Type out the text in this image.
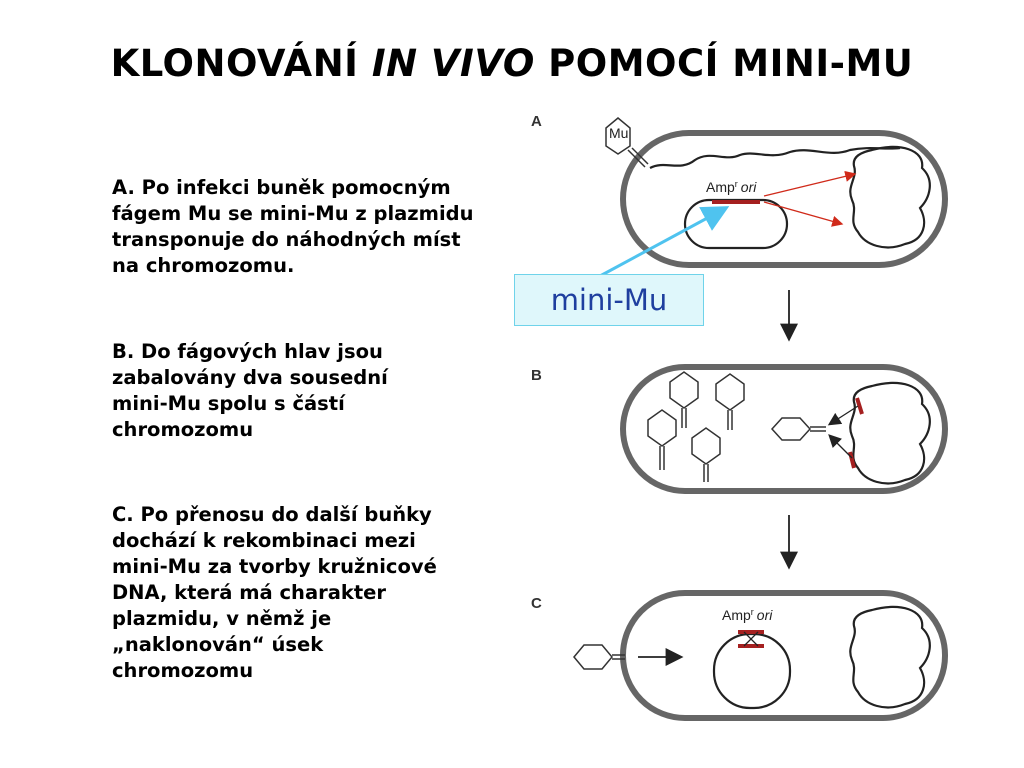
KLONOVÁNÍ IN VIVO POMOCÍ MINI-MU
A. Po infekci buněk pomocným
fágem Mu se mini-Mu z plazmidu
transponuje do náhodných míst
na chromozomu.
B. Do fágových hlav jsou
zabalovány dva sousední
mini-Mu spolu s částí
chromozomu
C. Po přenosu do další buňky
dochází k rekombinaci mezi
mini-Mu za tvorby kružnicové
DNA, která má charakter
plazmidu, v němž je
„naklonován“ úsek
chromozomu
A
Mu
Amp$^r$ ori
B
C
Amp$^r$ ori
mini-Mu
